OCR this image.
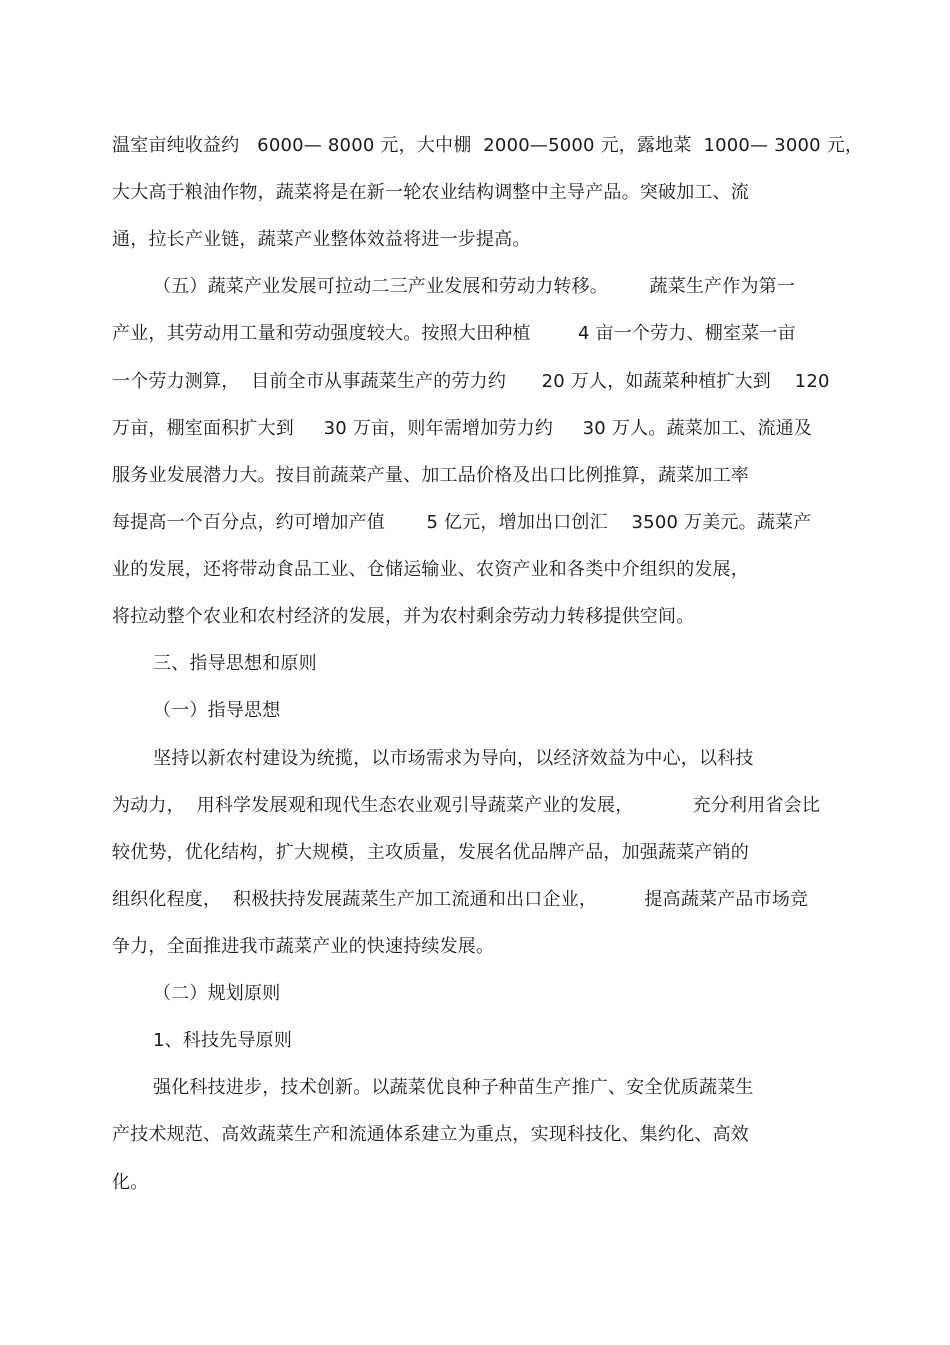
温室亩纯收益约   6000— 8000 元，大中棚  2000—5000 元，露地菜  1000— 3000 元，
大大高于粮油作物，蔬菜将是在新一轮农业结构调整中主导产品。突破加工、流
通，拉长产业链，蔬菜产业整体效益将进一步提高。
（五）蔬菜产业发展可拉动二三产业发展和劳动力转移。       蔬菜生产作为第一
产业，其劳动用工量和劳动强度较大。按照大田种植        4 亩一个劳力、棚室菜一亩
一个劳力测算，  目前全市从事蔬菜生产的劳力约      20 万人，如蔬菜种植扩大到    120
万亩，棚室面积扩大到     30 万亩，则年需增加劳力约     30 万人。蔬菜加工、流通及
服务业发展潜力大。按目前蔬菜产量、加工品价格及出口比例推算，蔬菜加工率
每提高一个百分点，约可增加产值       5 亿元，增加出口创汇    3500 万美元。蔬菜产
业的发展，还将带动食品工业、仓储运输业、农资产业和各类中介组织的发展，
将拉动整个农业和农村经济的发展，并为农村剩余劳动力转移提供空间。
三、指导思想和原则
（一）指导思想
坚持以新农村建设为统揽，以市场需求为导向，以经济效益为中心，以科技
为动力，  用科学发展观和现代生态农业观引导蔬菜产业的发展，          充分利用省会比
较优势，优化结构，扩大规模，主攻质量，发展名优品牌产品，加强蔬菜产销的
组织化程度，  积极扶持发展蔬菜生产加工流通和出口企业，        提高蔬菜产品市场竞
争力，全面推进我市蔬菜产业的快速持续发展。
（二）规划原则
1、科技先导原则
强化科技进步，技术创新。以蔬菜优良种子种苗生产推广、安全优质蔬菜生
产技术规范、高效蔬菜生产和流通体系建立为重点，实现科技化、集约化、高效
化。
